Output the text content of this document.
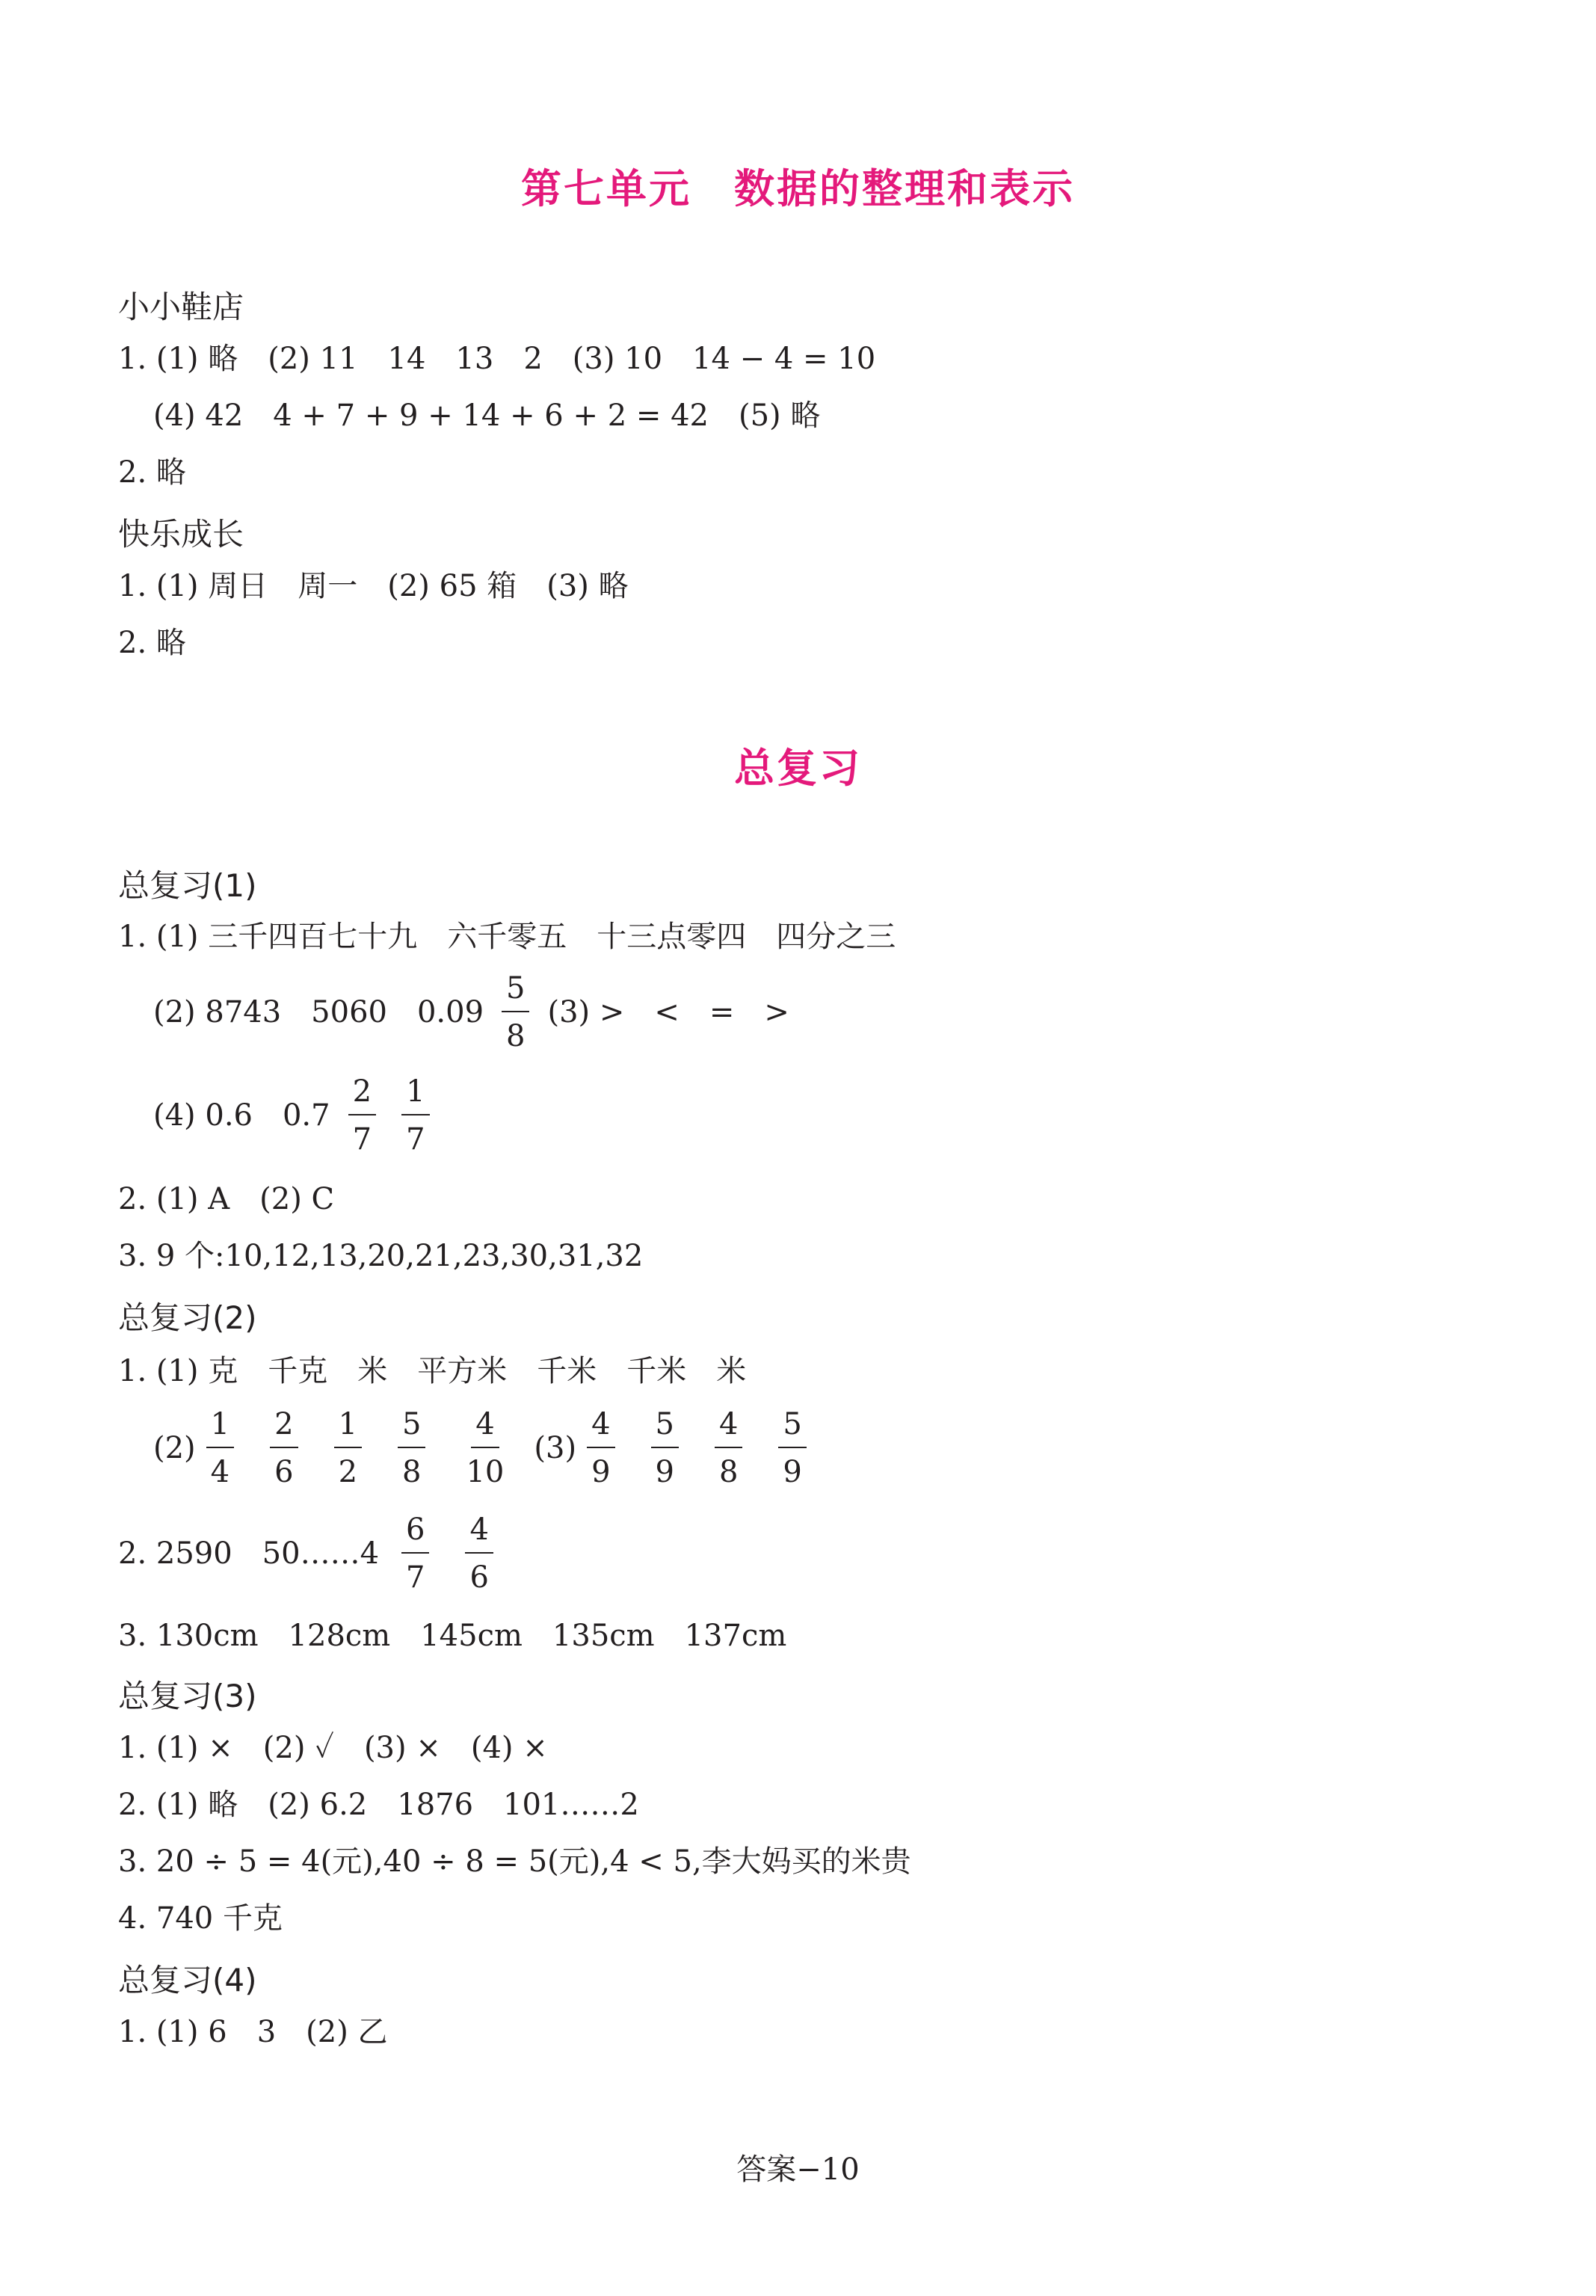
第七单元　数据的整理和表示
小小鞋店
1. (1) 略　(2) 11　14　13　2　(3) 10　14 − 4 = 10
(4) 42　4 + 7 + 9 + 14 + 6 + 2 = 42　(5) 略
2. 略
快乐成长
1. (1) 周日　周一　(2) 65 箱　(3) 略
2. 略
总复习
总复习(1)
1. (1) 三千四百七十九　六千零五　十三点零四　四分之三
(2) 8743　5060　$0.09 \frac{5}{8} (3)$ >　<　=　>
(4) 0.6　$0.7 \frac{2}{7} \frac{1}{7}$
2. (1) A　(2) C
3. 9 个:10,12,13,20,21,23,30,31,32
总复习(2)
1. (1) 克　千克　米　平方米　千米　千米　米
$(2) \frac{1}{4} \frac{2}{6} \frac{1}{2} \frac{5}{8} \frac{4}{10} (3) \frac{4}{9} \frac{5}{9} \frac{4}{8} \frac{5}{9}$
2. 2590　50……4 $\frac{6}{7} \frac{4}{6}$
3. 130cm　128cm　145cm　135cm　137cm
总复习(3)
1. (1) ×　(2) ✓　(3) ×　(4) ×
2. (1) 略　(2) 6.2　1876　101……2
3. 20 ÷ 5 = 4(元),40 ÷ 8 = 5(元),4 < 5,李大妈买的米贵
4. 740 千克
总复习(4)
1. (1) 6　3　(2) 乙
答案−10
